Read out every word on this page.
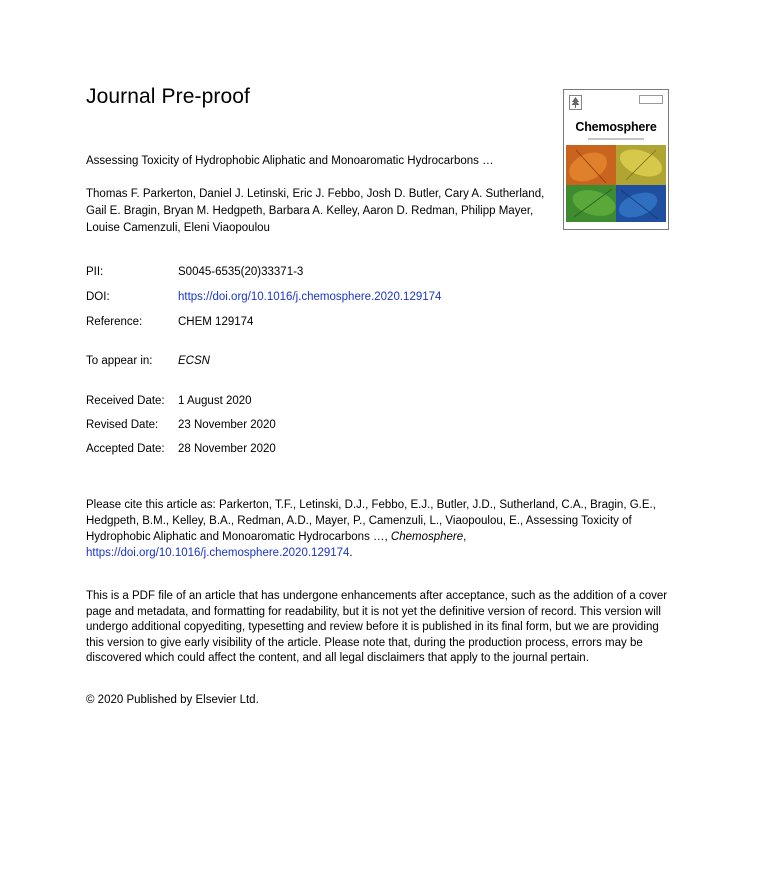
Journal Pre-proof
Chemosphere
Assessing Toxicity of Hydrophobic Aliphatic and Monoaromatic Hydrocarbons …
Thomas F. Parkerton, Daniel J. Letinski, Eric J. Febbo, Josh D. Butler, Cary A. Sutherland, Gail E. Bragin, Bryan M. Hedgpeth, Barbara A. Kelley, Aaron D. Redman, Philipp Mayer, Louise Camenzuli, Eleni Viaopoulou
PII:	S0045-6535(20)33371-3
DOI:	https://doi.org/10.1016/j.chemosphere.2020.129174
Reference:	CHEM 129174
To appear in: ECSN
Received Date: 1 August 2020
Revised Date: 23 November 2020
Accepted Date: 28 November 2020
Please cite this article as: Parkerton, T.F., Letinski, D.J., Febbo, E.J., Butler, J.D., Sutherland, C.A., Bragin, G.E., Hedgpeth, B.M., Kelley, B.A., Redman, A.D., Mayer, P., Camenzuli, L., Viaopoulou, E., Assessing Toxicity of Hydrophobic Aliphatic and Monoaromatic Hydrocarbons …, Chemosphere, https://doi.org/10.1016/j.chemosphere.2020.129174.
This is a PDF file of an article that has undergone enhancements after acceptance, such as the addition of a cover page and metadata, and formatting for readability, but it is not yet the definitive version of record. This version will undergo additional copyediting, typesetting and review before it is published in its final form, but we are providing this version to give early visibility of the article. Please note that, during the production process, errors may be discovered which could affect the content, and all legal disclaimers that apply to the journal pertain.
© 2020 Published by Elsevier Ltd.
